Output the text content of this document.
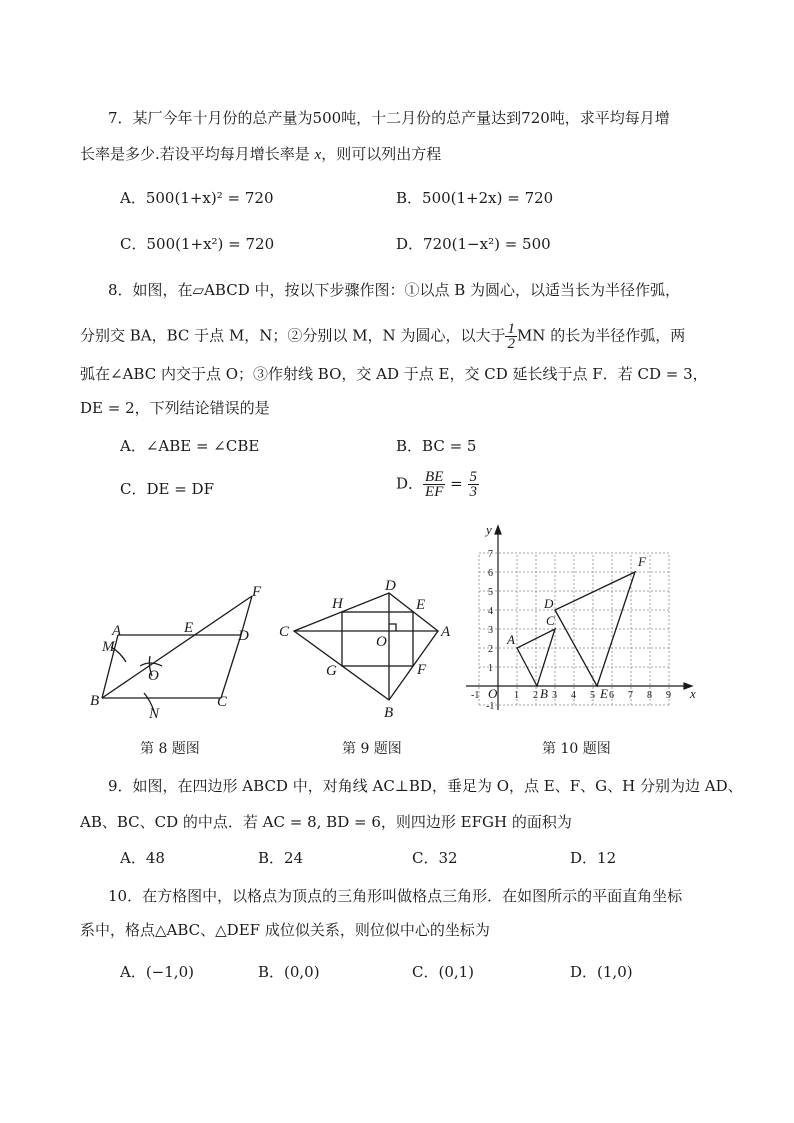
7．某厂今年十月份的总产量为500吨，十二月份的总产量达到720吨，求平均每月增
长率是多少.若设平均每月增长率是 x，则可以列出方程
A．500(1+x)² = 720	B．500(1+2x) = 720
C．500(1+x²) = 720	D．720(1−x²) = 500
8．如图，在▱ABCD 中，按以下步骤作图：①以点 B 为圆心，以适当长为半径作弧，
分别交 BA，BC 于点 M，N；②分别以 M，N 为圆心，以大于 $\frac{1}{2}$ MN 的长为半径作弧，两
弧在∠ABC 内交于点 O；③作射线 BO，交 AD 于点 E，交 CD 延长线于点 F．若 CD = 3，
DE = 2，下列结论错误的是
A．∠ABE = ∠CBE	B．BC = 5
C．DE = DF	D． $\frac{BE}{EF} = \frac{5}{3}$
A
B	C
D
E
F
M
N
O
第 8 题图
A
B
C
D
E
F
G
H
O
第 9 题图
-1	1 2 3 4 5 6 7 8 9
-1
1
2
3
4
5
6
7
y
x
O
A
B
C
D
E
F
第 10 题图
9．如图，在四边形 ABCD 中，对角线 AC⊥BD，垂足为 O，点 E、F、G、H 分别为边 AD、
AB、BC、CD 的中点．若 AC = 8, BD = 6，则四边形 EFGH 的面积为
A．48	B．24	C．32	D．12
10．在方格图中，以格点为顶点的三角形叫做格点三角形．在如图所示的平面直角坐标
系中，格点△ABC、△DEF 成位似关系，则位似中心的坐标为
A．(−1,0)	B．(0,0)	C．(0,1)	D．(1,0)
